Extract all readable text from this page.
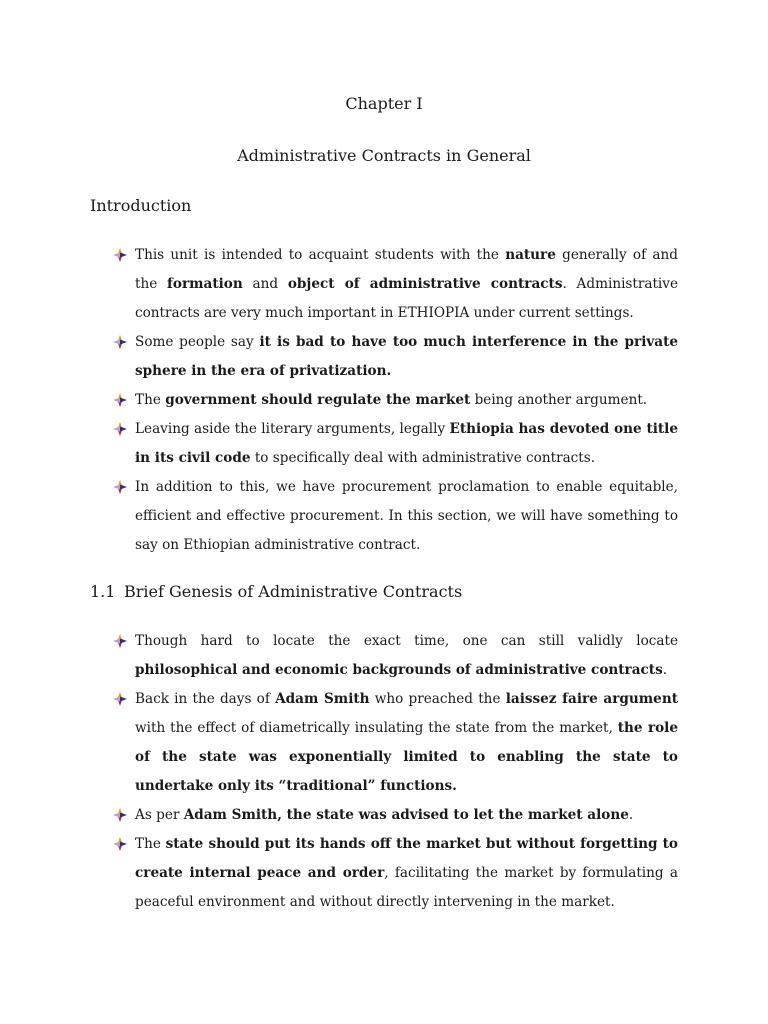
Chapter I
Administrative Contracts in General
Introduction
This unit is intended to acquaint students with the nature generally of and the formation and object of administrative contracts. Administrative contracts are very much important in ETHIOPIA under current settings.
Some people say it is bad to have too much interference in the private sphere in the era of privatization.
The government should regulate the market being another argument.
Leaving aside the literary arguments, legally Ethiopia has devoted one title in its civil code to specifically deal with administrative contracts.
In addition to this, we have procurement proclamation to enable equitable, efficient and effective procurement. In this section, we will have something to say on Ethiopian administrative contract.
1.1 Brief Genesis of Administrative Contracts
Though hard to locate the exact time, one can still validly locate philosophical and economic backgrounds of administrative contracts.
Back in the days of Adam Smith who preached the laissez faire argument with the effect of diametrically insulating the state from the market, the role of the state was exponentially limited to enabling the state to undertake only its “traditional” functions.
As per Adam Smith, the state was advised to let the market alone.
The state should put its hands off the market but without forgetting to create internal peace and order, facilitating the market by formulating a peaceful environment and without directly intervening in the market.
